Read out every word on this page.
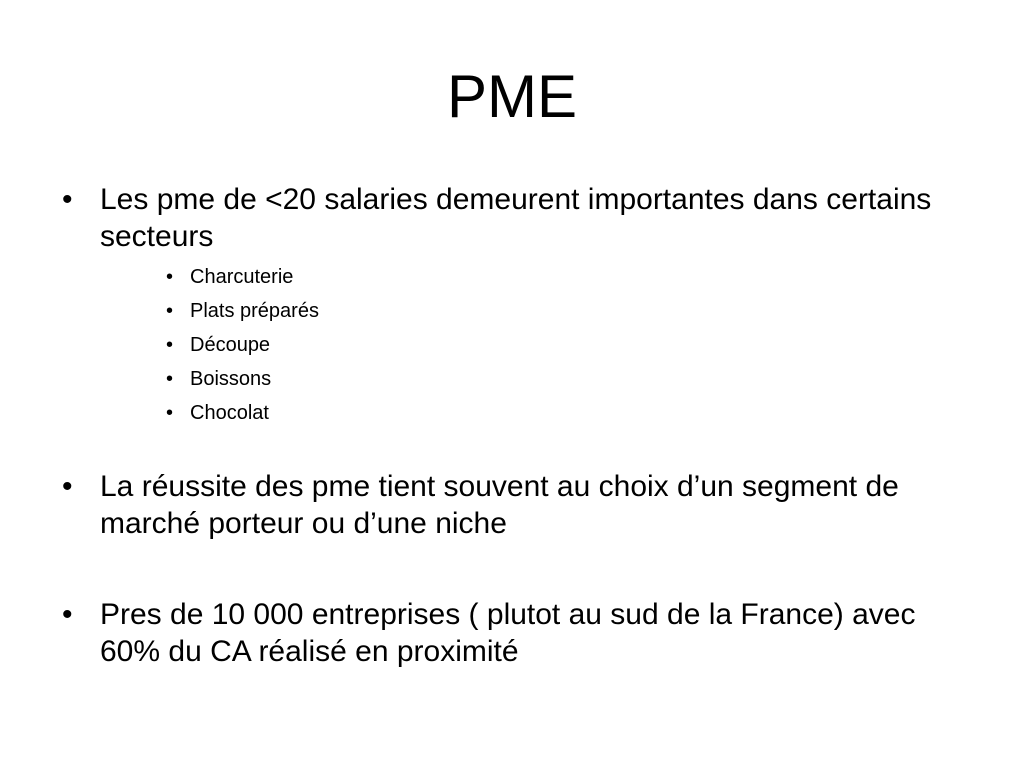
PME
• Les pme de <20 salaries demeurent importantes dans certains secteurs
• Charcuterie
• Plats préparés
• Découpe
• Boissons
• Chocolat
• La réussite des pme tient souvent au choix d’un segment de marché porteur ou d’une niche
• Pres de 10 000 entreprises ( plutot au sud de la France) avec 60% du CA réalisé en proximité
